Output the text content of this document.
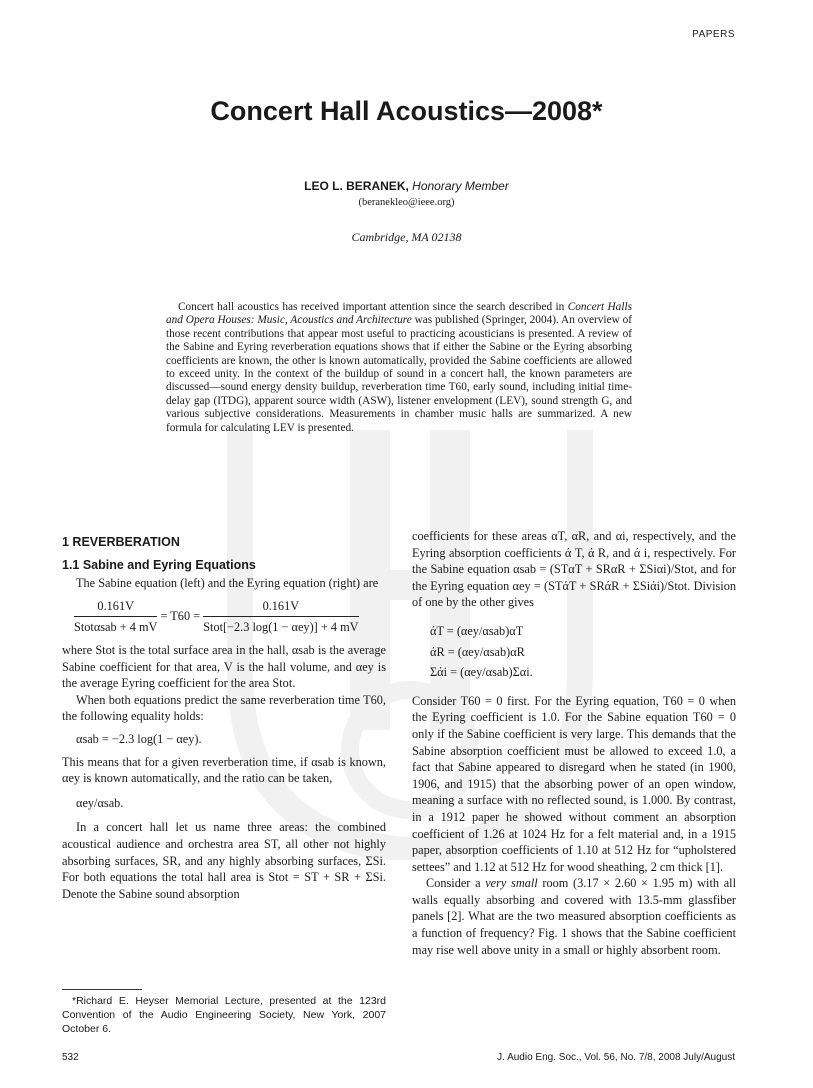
PAPERS
Concert Hall Acoustics—2008*
LEO L. BERANEK, Honorary Member
(beranekleo@ieee.org)
Cambridge, MA 02138
Concert hall acoustics has received important attention since the search described in Concert Halls and Opera Houses: Music, Acoustics and Architecture was published (Springer, 2004). An overview of those recent contributions that appear most useful to practicing acousticians is presented. A review of the Sabine and Eyring reverberation equations shows that if either the Sabine or the Eyring absorbing coefficients are known, the other is known automatically, provided the Sabine coefficients are allowed to exceed unity. In the context of the buildup of sound in a concert hall, the known parameters are discussed—sound energy density buildup, reverberation time T60, early sound, including initial time-delay gap (ITDG), apparent source width (ASW), listener envelopment (LEV), sound strength G, and various subjective considerations. Measurements in chamber music halls are summarized. A new formula for calculating LEV is presented.
1 REVERBERATION
1.1 Sabine and Eyring Equations

The Sabine equation (left) and the Eyring equation (right) are

$\frac{0.161V}{\text{Stotαsab + 4 mV}} = T60 = \frac{0.161V}{\text{Stot[−2.3 log(1 − αey)] + 4 mV}}$

where Stot is the total surface area in the hall, αsab is the average Sabine coefficient for that area, V is the hall volume, and αey is the average Eyring coefficient for the area Stot.

When both equations predict the same reverberation time T60, the following equality holds:

αsab = −2.3 log(1 − αey).

This means that for a given reverberation time, if αsab is known, αey is known automatically, and the ratio can be taken,

αey/αsab.

In a concert hall let us name three areas: the combined acoustical audience and orchestra area ST, all other not highly absorbing surfaces, SR, and any highly absorbing surfaces, ΣSi. For both equations the total hall area is Stot = ST + SR + ΣSi. Denote the Sabine sound absorption

*Richard E. Heyser Memorial Lecture, presented at the 123rd Convention of the Audio Engineering Society, New York, 2007 October 6.

coefficients for these areas αT, αR, and αi, respectively, and the Eyring absorption coefficients ά T, ά R, and ά i, respectively. For the Sabine equation αsab = (STαT + SRαR + ΣSiαi)/Stot, and for the Eyring equation αey = (STάT + SRάR + ΣSiάi)/Stot. Division of one by the other gives

άT = (αey/αsab)αT

άR = (αey/αsab)αR

Σάi = (αey/αsab)Σαi.

Consider T60 = 0 first. For the Eyring equation, T60 = 0 when the Eyring coefficient is 1.0. For the Sabine equation T60 = 0 only if the Sabine coefficient is very large. This demands that the Sabine absorption coefficient must be allowed to exceed 1.0, a fact that Sabine appeared to disregard when he stated (in 1900, 1906, and 1915) that the absorbing power of an open window, meaning a surface with no reflected sound, is 1.000. By contrast, in a 1912 paper he showed without comment an absorption coefficient of 1.26 at 1024 Hz for a felt material and, in a 1915 paper, absorption coefficients of 1.10 at 512 Hz for “upholstered settees” and 1.12 at 512 Hz for wood sheathing, 2 cm thick [1].

Consider a very small room (3.17 × 2.60 × 1.95 m) with all walls equally absorbing and covered with 13.5-mm glassfiber panels [2]. What are the two measured absorption coefficients as a function of frequency? Fig. 1 shows that the Sabine coefficient may rise well above unity in a small or highly absorbent room.

532	J. Audio Eng. Soc., Vol. 56, No. 7/8, 2008 July/August
